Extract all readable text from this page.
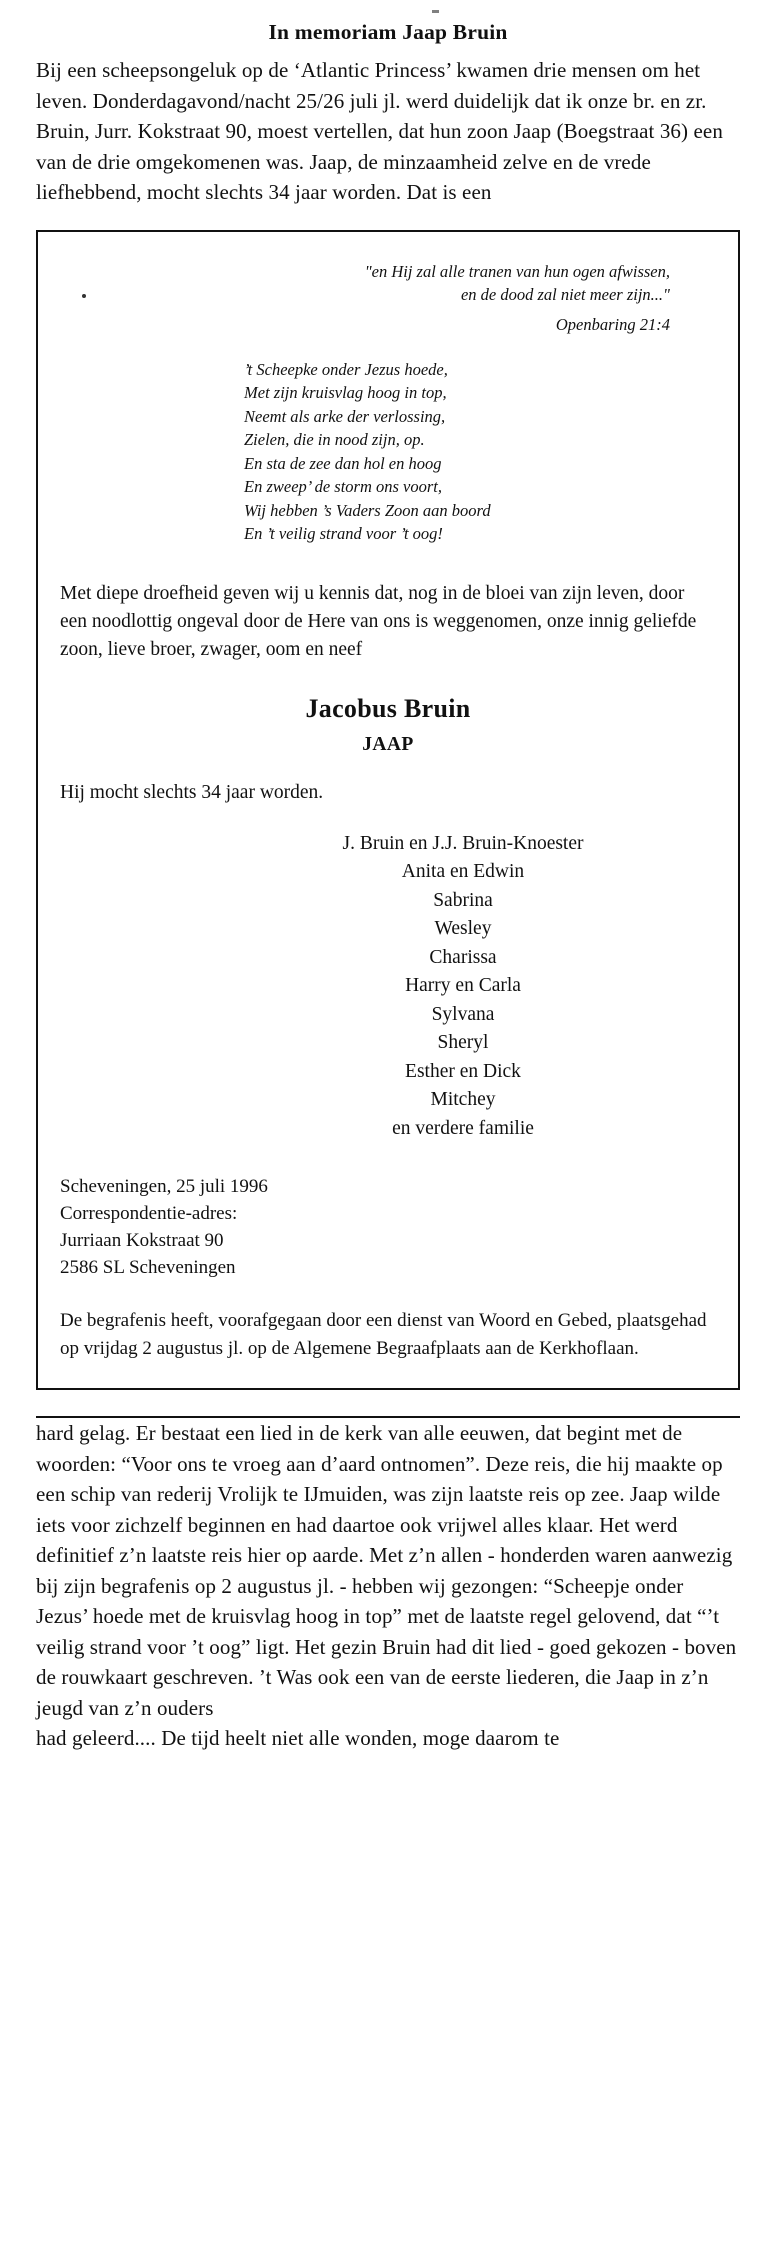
In memoriam Jaap Bruin

Bij een scheepsongeluk op de ‘Atlantic Princess’ kwamen drie mensen om het leven. Donderdagavond/nacht 25/26 juli jl. werd duidelijk dat ik onze br. en zr. Bruin, Jurr. Kokstraat 90, moest vertellen, dat hun zoon Jaap (Boegstraat 36) een van de drie omgekomenen was. Jaap, de minzaamheid zelve en de vrede liefhebbend, mocht slechts 34 jaar worden. Dat is een

"en Hij zal alle tranen van hun ogen afwissen,
en de dood zal niet meer zijn..."
Openbaring 21:4
’t Scheepke onder Jezus hoede,
Met zijn kruisvlag hoog in top,
Neemt als arke der verlossing,
Zielen, die in nood zijn, op.
En sta de zee dan hol en hoog
En zweep’ de storm ons voort,
Wij hebben ’s Vaders Zoon aan boord
En ’t veilig strand voor ’t oog!

Met diepe droefheid geven wij u kennis dat, nog in de bloei van zijn leven, door een noodlottig ongeval door de Here van ons is weggenomen, onze innig geliefde zoon, lieve broer, zwager, oom en neef

Jacobus Bruin
JAAP

Hij mocht slechts 34 jaar worden.

J. Bruin en J.J. Bruin-Knoester
Anita en Edwin
Sabrina
Wesley
Charissa
Harry en Carla
Sylvana
Sheryl
Esther en Dick
Mitchey
en verdere familie
Scheveningen, 25 juli 1996
Correspondentie-adres:
Jurriaan Kokstraat 90
2586 SL Scheveningen

De begrafenis heeft, voorafgegaan door een dienst van Woord en Gebed, plaatsgehad op vrijdag 2 augustus jl. op de Algemene Begraafplaats aan de Kerkhoflaan.

hard gelag. Er bestaat een lied in de kerk van alle eeuwen, dat begint met de woorden: “Voor ons te vroeg aan d’aard ontnomen”. Deze reis, die hij maakte op een schip van rederij Vrolijk te IJmuiden, was zijn laatste reis op zee. Jaap wilde iets voor zichzelf beginnen en had daartoe ook vrijwel alles klaar. Het werd definitief z’n laatste reis hier op aarde. Met z’n allen - honderden waren aanwezig bij zijn begrafenis op 2 augustus jl. - hebben wij gezongen: “Scheepje onder Jezus’ hoede met de kruisvlag hoog in top” met de laatste regel gelovend, dat “’t veilig strand voor ’t oog” ligt. Het gezin Bruin had dit lied - goed gekozen - boven de rouwkaart geschreven. ’t Was ook een van de eerste liederen, die Jaap in z’n jeugd van z’n ouders

had geleerd.... De tijd heelt niet alle wonden, moge daarom te
